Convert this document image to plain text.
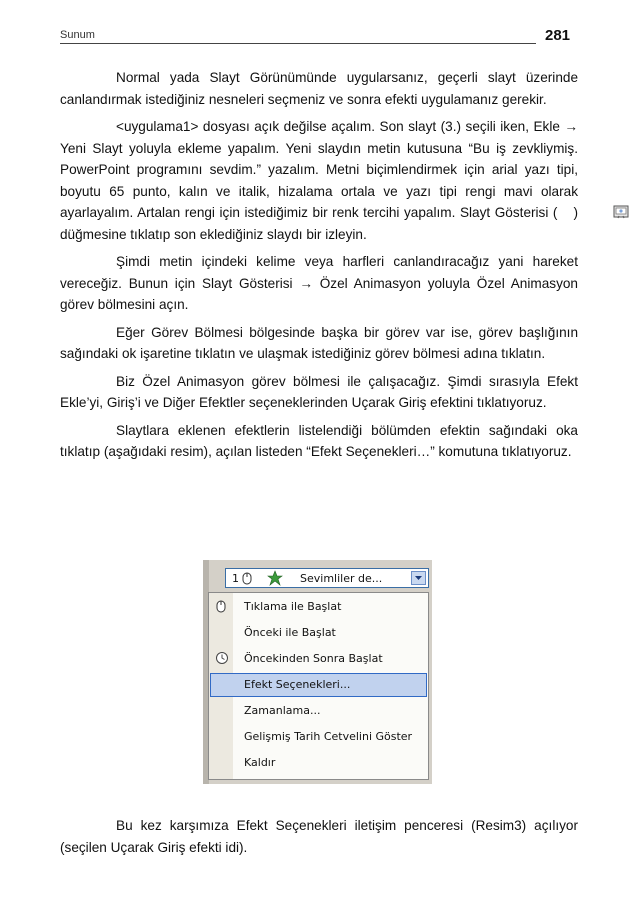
Sunum	281

Normal yada Slayt Görünümünde uygularsanız, geçerli slayt üzerinde canlandırmak istediğiniz nesneleri seçmeniz ve sonra efekti uygulamanız gerekir.

<uygulama1> dosyası açık değilse açalım. Son slayt (3.) seçili iken, Ekle → Yeni Slayt yoluyla ekleme yapalım. Yeni slaydın metin kutusuna “Bu iş zevkliymiş. PowerPoint programını sevdim.” yazalım. Metni biçimlendirmek için arial yazı tipi, boyutu 65 punto, kalın ve italik, hizalama ortala ve yazı tipi rengi mavi olarak ayarlayalım. Artalan rengi için istediğimiz bir renk tercihi yapalım. Slayt Gösterisi ( ) düğmesine tıklatıp son eklediğiniz slaydı bir izleyin.

Şimdi metin içindeki kelime veya harfleri canlandıracağız yani hareket vereceğiz. Bunun için Slayt Gösterisi → Özel Animasyon yoluyla Özel Animasyon görev bölmesini açın.

Eğer Görev Bölmesi bölgesinde başka bir görev var ise, görev başlığının sağındaki ok işaretine tıklatın ve ulaşmak istediğiniz görev bölmesi adına tıklatın.

Biz Özel Animasyon görev bölmesi ile çalışacağız. Şimdi sırasıyla Efekt Ekle’yi, Giriş’i ve Diğer Efektler seçeneklerinden Uçarak Giriş efektini tıklatıyoruz.

Slaytlara eklenen efektlerin listelendiği bölümden efektin sağındaki oka tıklatıp (aşağıdaki resim), açılan listeden “Efekt Seçenekleri…” komutuna tıklatıyoruz.

1	Sevimliler de...
Tıklama ile Başlat
Önceki ile Başlat
Öncekinden Sonra Başlat
Efekt Seçenekleri...
Zamanlama...
Gelişmiş Tarih Cetvelini Göster
Kaldır

Bu kez karşımıza Efekt Seçenekleri iletişim penceresi (Resim3) açılıyor (seçilen Uçarak Giriş efekti idi).
